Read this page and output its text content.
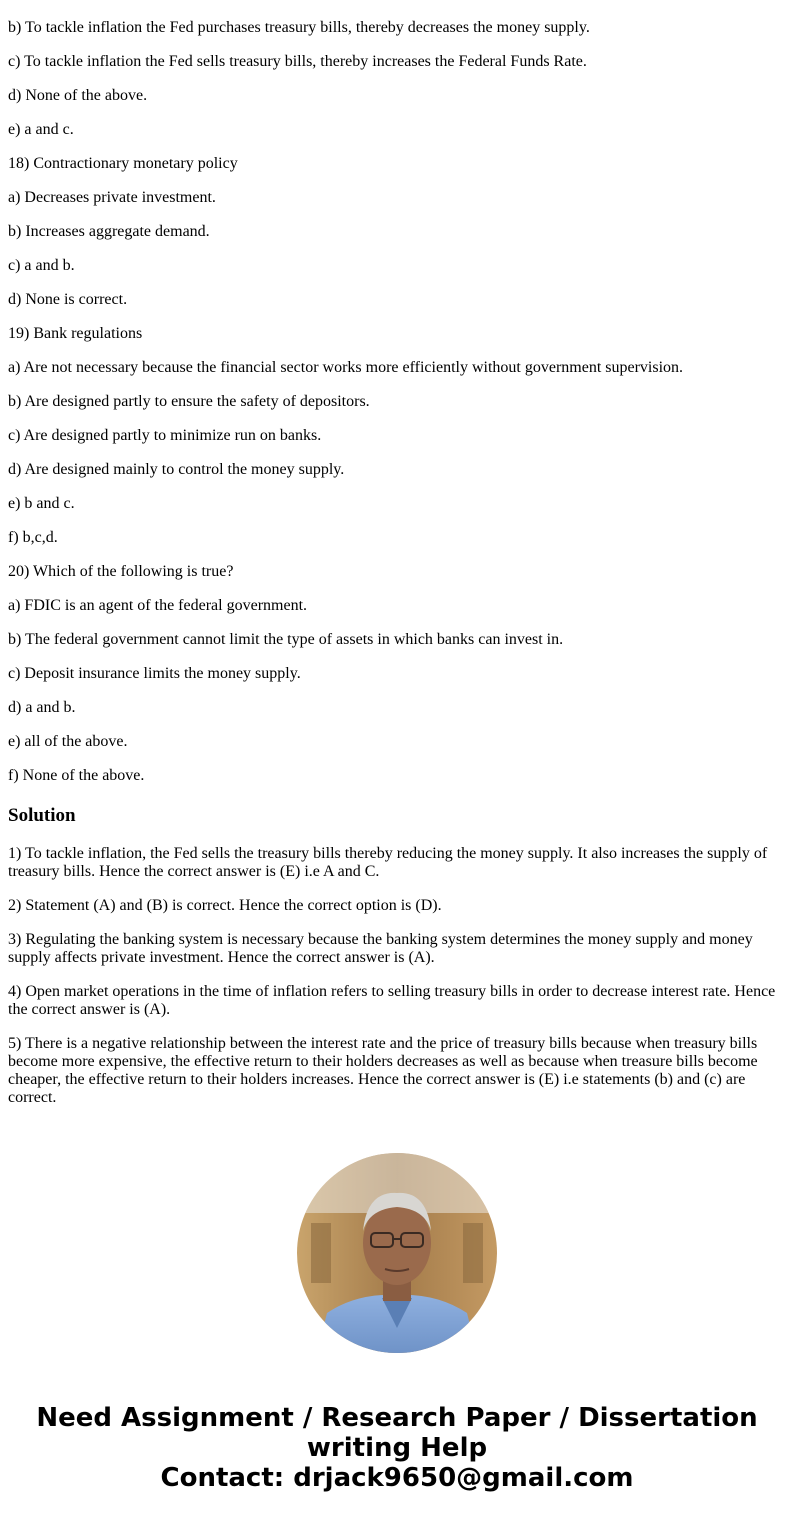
b) To tackle inflation the Fed purchases treasury bills, thereby decreases the money supply.

c) To tackle inflation the Fed sells treasury bills, thereby increases the Federal Funds Rate.

d) None of the above.

e) a and c.

18) Contractionary monetary policy

a) Decreases private investment.

b) Increases aggregate demand.

c) a and b.

d) None is correct.

19) Bank regulations

a) Are not necessary because the financial sector works more efficiently without government supervision.

b) Are designed partly to ensure the safety of depositors.

c) Are designed partly to minimize run on banks.

d) Are designed mainly to control the money supply.

e) b and c.

f) b,c,d.

20) Which of the following is true?

a) FDIC is an agent of the federal government.

b) The federal government cannot limit the type of assets in which banks can invest in.

c) Deposit insurance limits the money supply.

d) a and b.

e) all of the above.

f) None of the above.

Solution

1) To tackle inflation, the Fed sells the treasury bills thereby reducing the money supply. It also increases the supply of treasury bills. Hence the correct answer is (E) i.e A and C.

2) Statement (A) and (B) is correct. Hence the correct option is (D).

3) Regulating the banking system is necessary because the banking system determines the money supply and money supply affects private investment. Hence the correct answer is (A).

4) Open market operations in the time of inflation refers to selling treasury bills in order to decrease interest rate. Hence the correct answer is (A).

5) There is a negative relationship between the interest rate and the price of treasury bills because when treasury bills become more expensive, the effective return to their holders decreases as well as because when treasure bills become cheaper, the effective return to their holders increases. Hence the correct answer is (E) i.e statements (b) and (c) are correct.

Need Assignment / Research Paper / Dissertation
writing Help
Contact: drjack9650@gmail.com
